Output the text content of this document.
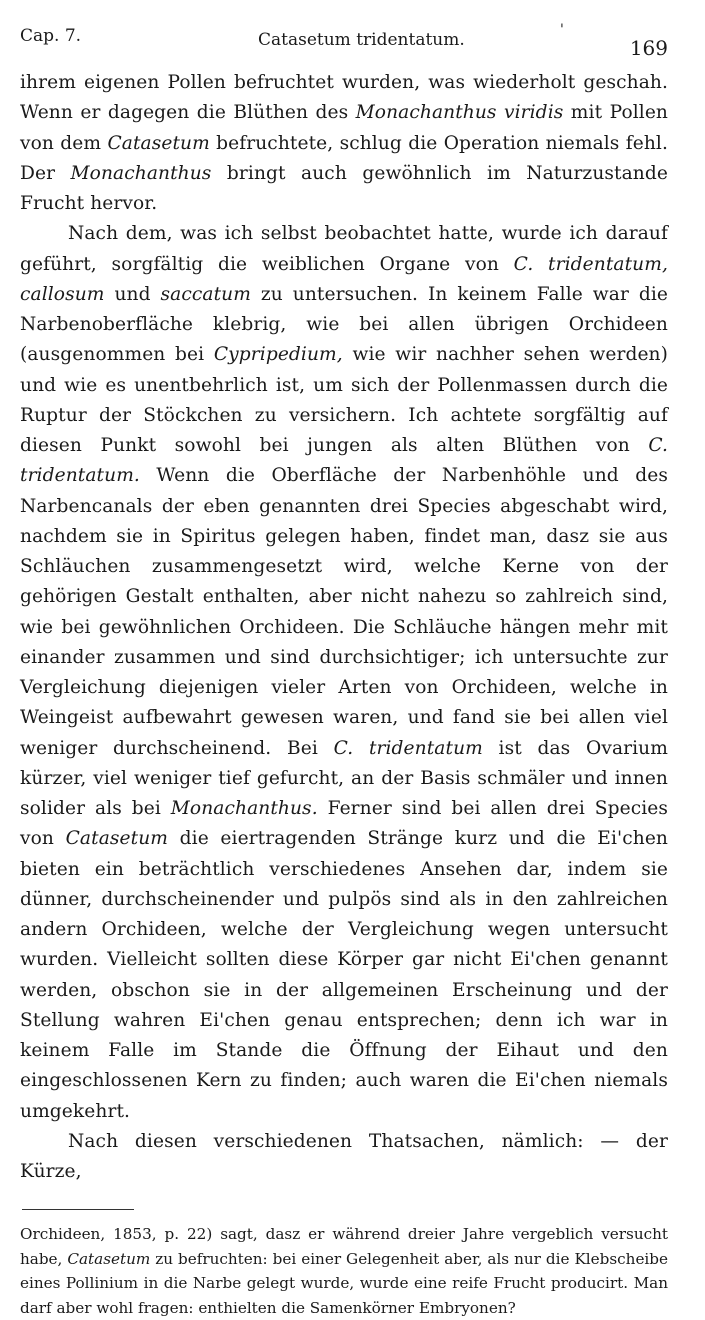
Cap. 7.	Catasetum tridentatum.	'
169

ihrem eigenen Pollen befruchtet wurden, was wiederholt geschah. Wenn er dagegen die Blüthen des Monachanthus viridis mit Pollen von dem Catasetum befruchtete, schlug die Operation niemals fehl. Der Monachanthus bringt auch gewöhnlich im Naturzustande Frucht hervor.

Nach dem, was ich selbst beobachtet hatte, wurde ich darauf geführt, sorgfältig die weiblichen Organe von C. tridentatum, callosum und saccatum zu untersuchen. In keinem Falle war die Narbenoberfläche klebrig, wie bei allen übrigen Orchideen (ausgenommen bei Cypripedium, wie wir nachher sehen werden) und wie es unentbehrlich ist, um sich der Pollenmassen durch die Ruptur der Stöckchen zu versichern. Ich achtete sorgfältig auf diesen Punkt sowohl bei jungen als alten Blüthen von C. tridentatum. Wenn die Oberfläche der Narbenhöhle und des Narbencanals der eben genannten drei Species abgeschabt wird, nachdem sie in Spiritus gelegen haben, findet man, dasz sie aus Schläuchen zusammengesetzt wird, welche Kerne von der gehörigen Gestalt enthalten, aber nicht nahezu so zahlreich sind, wie bei gewöhnlichen Orchideen. Die Schläuche hängen mehr mit einander zusammen und sind durchsichtiger; ich untersuchte zur Vergleichung diejenigen vieler Arten von Orchideen, welche in Weingeist aufbewahrt gewesen waren, und fand sie bei allen viel weniger durchscheinend. Bei C. tridentatum ist das Ovarium kürzer, viel weniger tief gefurcht, an der Basis schmäler und innen solider als bei Monachanthus. Ferner sind bei allen drei Species von Catasetum die eiertragenden Stränge kurz und die Ei'chen bieten ein beträchtlich verschiedenes Ansehen dar, indem sie dünner, durchscheinender und pulpös sind als in den zahlreichen andern Orchideen, welche der Vergleichung wegen untersucht wurden. Vielleicht sollten diese Körper gar nicht Ei'chen genannt werden, obschon sie in der allgemeinen Erscheinung und der Stellung wahren Ei'chen genau entsprechen; denn ich war in keinem Falle im Stande die Öffnung der Eihaut und den eingeschlossenen Kern zu finden; auch waren die Ei'chen niemals umgekehrt.

Nach diesen verschiedenen Thatsachen, nämlich: — der Kürze,

Orchideen, 1853, p. 22) sagt, dasz er während dreier Jahre vergeblich versucht habe, Catasetum zu befruchten: bei einer Gelegenheit aber, als nur die Klebscheibe eines Pollinium in die Narbe gelegt wurde, wurde eine reife Frucht producirt. Man darf aber wohl fragen: enthielten die Samenkörner Embryonen?
